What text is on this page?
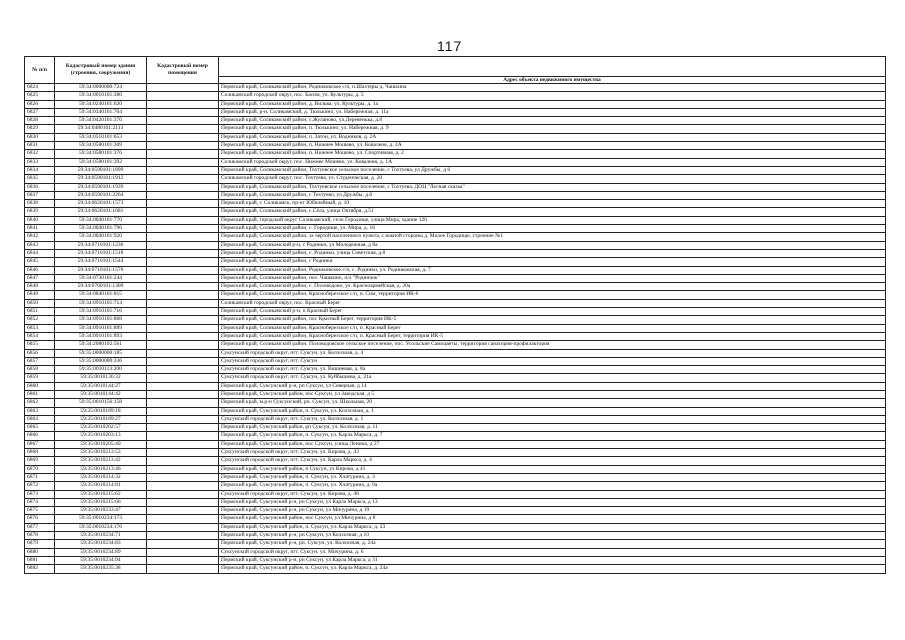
117
№ п/п	Кадастровый номер здания (строения, сооружения)	Кадастровый номер помещения	
			Адрес объекта недвижимого имущества
6824	59:34:0000000:724		Пермский край, Соликамский район, Родниковское с/п, п.Шахтеры д. Чашкина
6825	59:34:0010101:380		Соликамский городской округ, пос. Басим, ул. Культуры, д. 5
6826	59:34:0240101:620		Пермский край, Соликамский район, д. Вильва, ул. Культуры, д. 1а
6827	59:34:0340101:764		Пермский край, р-н. Соликамский, д. Тюлькино, ул. Набережная, д. 11а
6828	59:34:0420101:376		Пермский край, Соликамский район, с.Жуланово, ул.Деревенька, д.8
6829	59:34:0480101:2113		Пермский край, Соликамский район, п. Тюлькино, ул. Набережная, д. 9
6830	59:34:0510101:653		Пермский край, Соликамский район, п. Затон, ул. Водников, д. 2А
6831	59:34:0580101:369		Пермский край, Соликамский район, п. Нижнее Мошево, ул. Коваленя, д. 2А
6832	59:34:0580101:376		Пермский край, Соликамский район, п. Нижнее Мошево, ул. Спортивная, д. 2
6833	59:34:0580101:392		Соликамский городской округ, пос. Нижнее Мошево, ул. Коваленя, д. 1А
6834	59:34:0590101:1899		Пермский край, Соликамский район, Тохтуевское сельское поселение, с Тохтуева, ул Дружбы, д 6
6835	59:34:0590101:1912		Соликамский городской округ, пос. Тохтуева, ул. Студенческая, д. 20
6836	59:34:0590101:1939		Пермский край, Соликамский район, Тохтуевское сельское поселение, с Тохтуева, ДОЦ "Лесная сказка"
6837	59:34:0590101:2264		Пермский край, Соликамский район, с Тохтуево, ул.Дружбы, д.6
6838	59:34:0620101:1573		Пермский край, г. Соликамск, пр-кт Юбилейный, д. 10
6839	59:34:0620101:1681		Пермский край, Соликамский район, с.Сёла, улица Октября, д.51
6840	59:34:0640101:770		Пермский край, городской округ Соликамский, село Городище, улица Мира, здание 126
6841	59:34:0640101:796		Пермский край, Соликамский район, с. Городище, ул. Мира, д. 16
6842	59:34:0640101:920		Пермский край, Соликамский район, за чертой населенного пункта, с южной стороны д. Малое Городище, строение №1
6843	59:34:0710101:1236		Пермский край, Соликамский р-н, с Родники, ул Молодежная, д 8а
6844	59:34:0710101:1518		Пермский край, Соликамский район, с. Родники, улица Советская, д.8
6845	59:34:0710101:1544		Пермский край, Соликамский район, с Родники
6846	59:34:0710101:1576		Пермский край, Соликамский район, Родниковское с/п, с. Родники, ул. Родниковская, д. 7
6847	59:34:0730101:244		Пермский край, Соликамский район, пос. Чашкино, п/л "Родничок"
6848	59:34:0760101:1309		Пермский край, Соликамский район, с. Половодово, ул. Красноармейская, д. 20а
6849	59:34:0840101:815		Пермский край, Соликамский район, Красноберезское с/п, п. Сим, территория ИК-6
6850	59:34:0910101:714		Соликамский городской округ, пос. Красный Берег
6851	59:34:0910101:716		Пермский край, Соликамский р-н, п Красный Берег
6852	59:34:0910101:868		Пермский край, Соликамский район, пос Красный Берег, территория ИК-5
6853	59:34:0910101:889		Пермский край, Соликамский район, Красноберезское с/п, п. Красный Берег
6854	59:34:0910101:893		Пермский край, Соликамский район, Красноберезское с/п, п. Красный Берег, территория ИК-5
6855	59:34:2080102:561		Пермский край, Соликамский район, Половодовское сельское поселение, пос. Усольские Самоцветы, территория санатория-профилактория
6856	59:35:0000000:185		Суксунский городской округ, пгт. Суксун, ул. Колхозная, д. 4
6857	59:35:0000000:336		Суксунский городской округ, пгт. Суксун
6858	59:35:0010113:200		Суксунский городской округ, пгт. Суксун, ул. Вишневая, д. 8а
6859	59:35:0010136:32		Суксунский городской округ, пгт. Суксун, ул. Куйбышева, д. 21а
6860	59:35:0010144:27		Пермский край, Суксунский р-н, рп Суксун, ул Северная, д 14
6861	59:35:0010144:42		Пермский край, Суксунский район, пос Суксун, ул Заводская, д 5
6862	59:35:0010156:158		Пермский край, м.р-н Суксунский, рп. Суксун, ул. Школьная, 20
6863	59:35:0010189:18		Пермский край, Суксунский район, п. Суксун, ул. Колхозная, д. 1
6864	59:35:0010189:27		Суксунский городской округ, пгт. Суксун, ул. Колхозная, д. 1
6865	59:35:0010202:57		Пермский край, Суксунский район, рп Суксун, ул. Колхозная, д. 11
6866	59:35:0010203:13		Пермский край, Суксунский район, п. Суксун, ул. Карла Маркса, д. 7
6867	59:35:0010205:40		Пермский край, Суксунский район, пос Суксун, улица Ленина, д 27
6868	59:35:0010213:53		Суксунский городской округ, пгт. Суксун, ул. Кирова, д. 43
6869	59:35:0010213:42		Суксунский городской округ, пгт. Суксун, ул. Карла Маркса, д. 4
6870	59:35:0010213:46		Пермский край, Суксунский район, п Суксун, ул Кирова, д 41
6871	59:35:0010214:32		Пермский край, Суксунский район, п. Суксун, ул. Хлатурина, д. 3
6872	59:35:0010214:81		Пермский край, Суксунский район, п. Суксун, ул. Хлатурина, д. 9а
6873	59:35:0010215:62		Суксунский городской округ, пгт. Суксун, ул. Кирова, д. 48
6874	59:35:0010215:66		Пермский край, Суксунский р-н, рп Суксун, ул Карла Маркса, д 13
6875	59:35:0010233:47		Пермский край, Суксунский р-н, рп Суксун, ул Мичурина, д 19
6876	59:35:0010234:173		Пермский край, Суксунский район, пос Суксун, ул Мичурина, д 8
6877	59:35:0010234:176		Пермский край, Суксунский район, п. Суксун, ул. Карла Маркса, д. 23
6878	59:35:0010234:71		Пермский край, Суксунский р-н, рп Суксун, ул Колхозная, д 10
6879	59:35:0010234:83		Пермский край, Суксунский р-н, рп. Суксун, ул. Колхозная, д. 24а
6880	59:35:0010234:89		Суксунский городской округ, пгт. Суксун, ул. Мичурина, д. 6
6881	59:35:0010234:94		Пермский край, Суксунский р-н, рп Суксун, ул Карла Маркса, д 31
6882	59:35:0010235:38		Пермский край, Суксунский район, п. Суксун, ул. Карла Маркса, д. 24а
